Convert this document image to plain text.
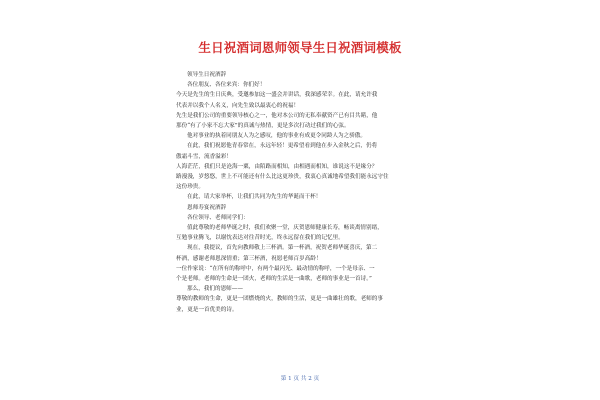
生日祝酒词恩师领导生日祝酒词模板
领导生日祝酒辞
各位朋友、各位来宾：你们好！
今天是先生的生日庆典，受邀参加这一盛会并讲话，我深感荣幸。在此，请允许我
代表并以我个人名义，向先生致以最衷心的祝福！
先生是我们公司的重要领导核心之一，他对本公司的无私奉献资产已有目共睹，他
那份“有了小家不忘大家”的真诚与热情，更是多次打动过我们的心弦。
他对事业的执着同朋友人为之感叹，他的事业有成更令同龄人为之骄傲。
在此，我们祝愿他青春常在，永远年轻！更希望看到他在步入金秋之后，仍将
傲霜斗雪，流香溢彩！
人海茫茫，我们只是沧海一粟，由陌路而相知，由相遇而相知，谁说这不是缘分？
路漫漫，岁悠悠，世上不可能还有什么比这更珍贵，我衷心真诚地希望我们能永远守住
这份珍贵。
在此，请大家举杯，让我们共同为先生的华诞而干杯！
恩师寿宴祝酒辞
各位领导、老师同学们：
值此尊敬的老师华诞之时，我们欢聚一堂，庆贺恩师健康长寿，畅谈离情别绪，
互勉事业腾飞，以谢忱表达对往昔时光，终永远留在我们的记忆里。
现在，我提议，首先向教师敬上三杯酒。第一杯酒，祝贺老师华诞喜庆，第二
杯酒，感谢老师恩深情重；第三杯酒，祝愿老师百岁高龄！
一位作家说：“在所有的称呼中，有两个最闪光、最动情的称呼，一个是母亲、一
个是老师。老师的生命是一团火，老师的生活是一曲歌，老师的事业是一首诗。”
那么，我们的恩师——
尊敬的教师的生命，更是一团燃烧的火，教师的生活，更是一曲雄壮的歌，老师的事
业，更是一首优美的诗。
第 1 页 共 2 页
